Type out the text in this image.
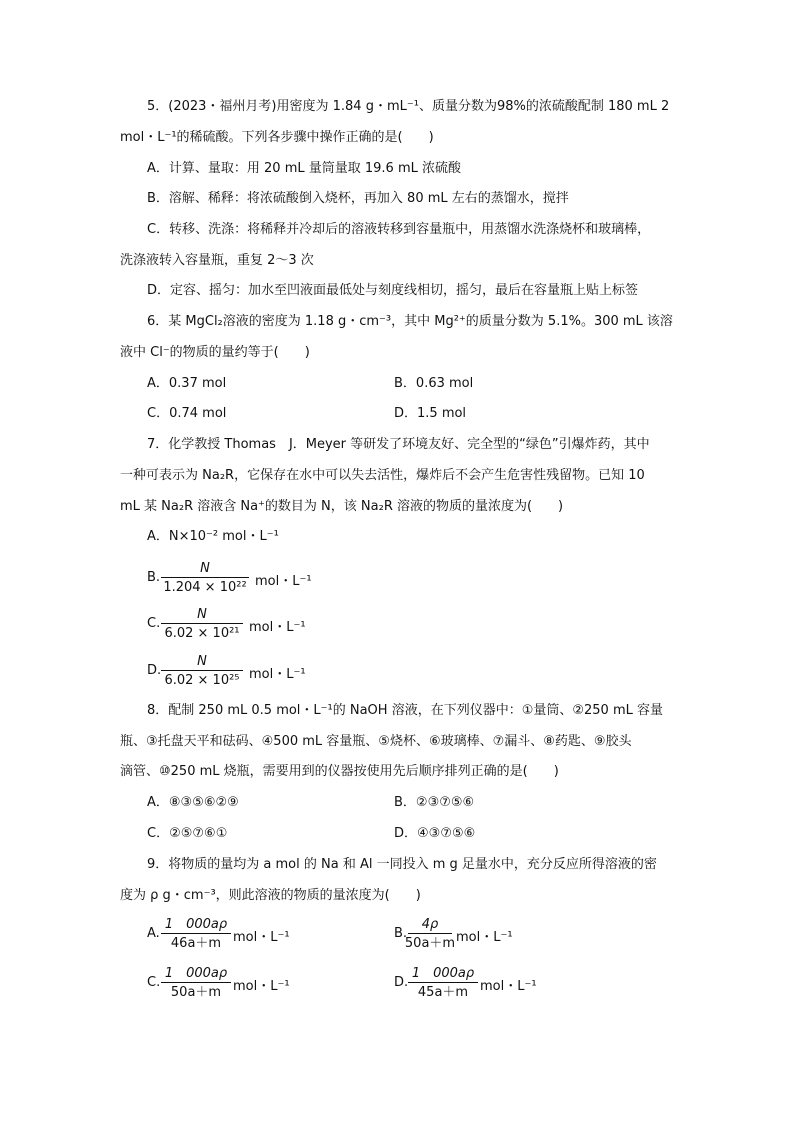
5．(2023・福州月考)用密度为 1.84 g・mL⁻¹、质量分数为98%的浓硫酸配制 180 mL 2
mol・L⁻¹的稀硫酸。下列各步骤中操作正确的是(　　)
A．计算、量取：用 20 mL 量筒量取 19.6 mL 浓硫酸
B．溶解、稀释：将浓硫酸倒入烧杯，再加入 80 mL 左右的蒸馏水，搅拌
C．转移、洗涤：将稀释并冷却后的溶液转移到容量瓶中，用蒸馏水洗涤烧杯和玻璃棒，
洗涤液转入容量瓶，重复 2～3 次
D．定容、摇匀：加水至凹液面最低处与刻度线相切，摇匀，最后在容量瓶上贴上标签
6．某 MgCl₂溶液的密度为 1.18 g・cm⁻³，其中 Mg²⁺的质量分数为 5.1%。300 mL 该溶
液中 Cl⁻的物质的量约等于(　　)
A．0.37 mol	B．0.63 mol
C．0.74 mol	D．1.5 mol
7．化学教授 Thomas　J．Meyer 等研发了环境友好、完全型的“绿色”引爆炸药，其中
一种可表示为 Na₂R，它保存在水中可以失去活性，爆炸后不会产生危害性残留物。已知 10
mL 某 Na₂R 溶液含 Na⁺的数目为 N，该 Na₂R 溶液的物质的量浓度为(　　)
A．N×10⁻² mol・L⁻¹
B.
N
1.204 × 10²² mol・L⁻¹
C.
N
6.02 × 10²¹ mol・L⁻¹
D.
N
6.02 × 10²⁵ mol・L⁻¹
8．配制 250 mL 0.5 mol・L⁻¹的 NaOH 溶液，在下列仪器中：①量筒、②250 mL 容量
瓶、③托盘天平和砝码、④500 mL 容量瓶、⑤烧杯、⑥玻璃棒、⑦漏斗、⑧药匙、⑨胶头
滴管、⑩250 mL 烧瓶，需要用到的仪器按使用先后顺序排列正确的是(　　)
A．⑧③⑤⑥②⑨	B．②③⑦⑤⑥
C．②⑤⑦⑥①	D．④③⑦⑤⑥
9．将物质的量均为 a mol 的 Na 和 Al 一同投入 m g 足量水中，充分反应所得溶液的密
度为 ρ g・cm⁻³，则此溶液的物质的量浓度为(　　)
A.
1　000aρ
46a＋m mol・L⁻¹	B.
4ρ
50a＋m mol・L⁻¹
C.
1　000aρ
50a＋m mol・L⁻¹	D.
1　000aρ
45a＋m mol・L⁻¹
